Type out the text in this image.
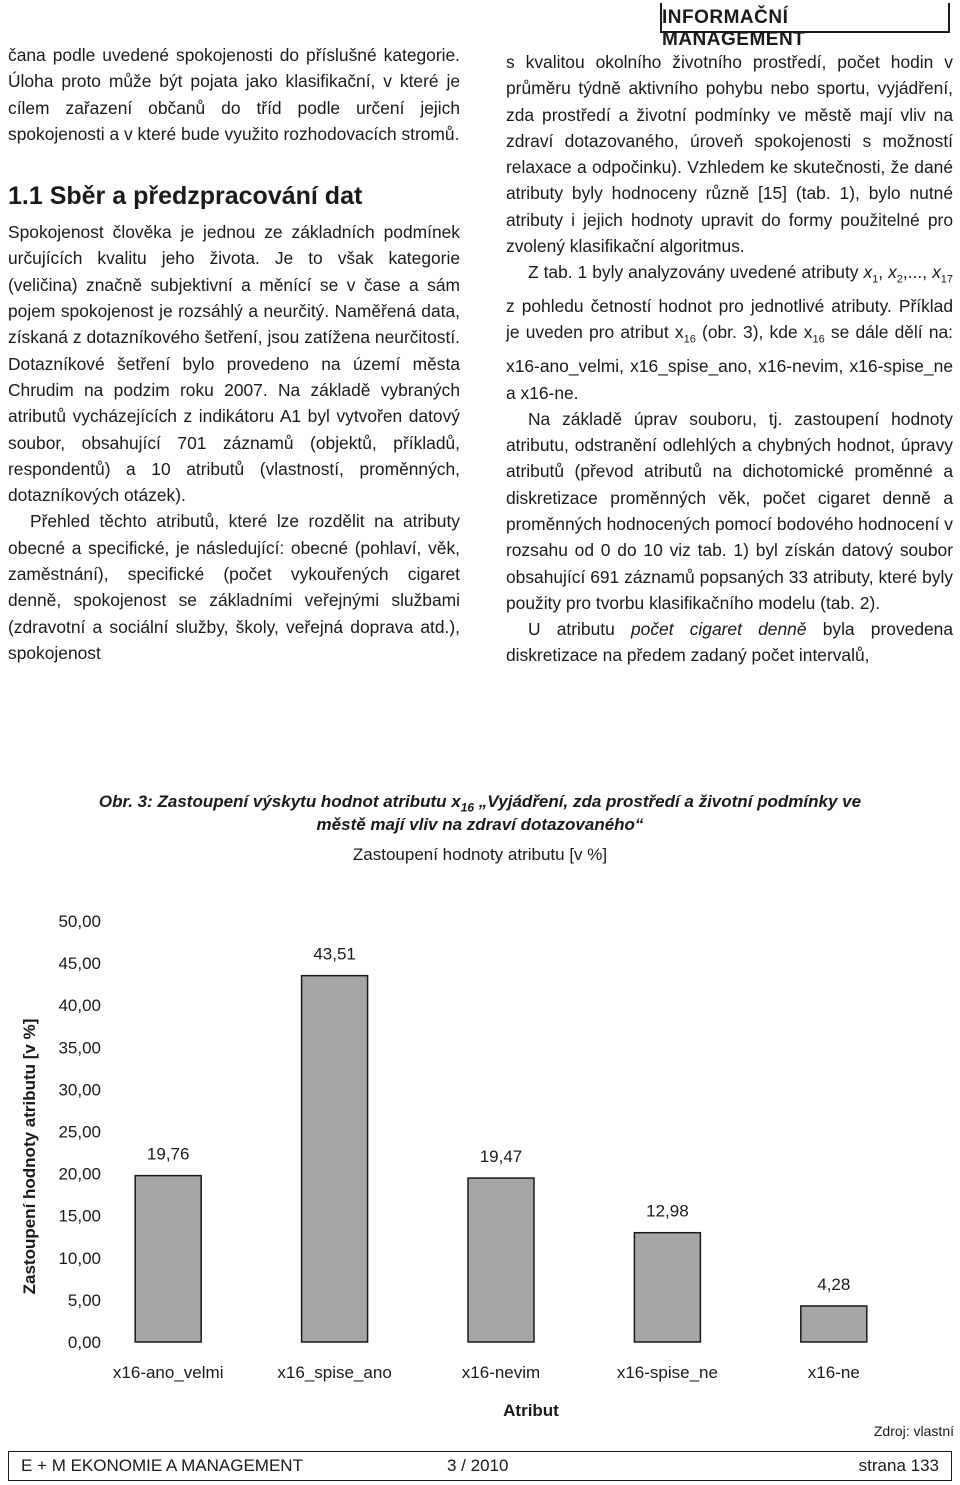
INFORMAČNÍ MANAGEMENT

čana podle uvedené spokojenosti do příslušné kategorie. Úloha proto může být pojata jako klasifikační, v které je cílem zařazení občanů do tříd podle určení jejich spokojenosti a v které bude využito rozhodovacích stromů.

1.1 Sběr a předzpracování dat

Spokojenost člověka je jednou ze základních podmínek určujících kvalitu jeho života. Je to však kategorie (veličina) značně subjektivní a měnící se v čase a sám pojem spokojenost je rozsáhlý a neurčitý. Naměřená data, získaná z dotazníkového šetření, jsou zatížena neurčitostí. Dotazníkové šetření bylo provedeno na území města Chrudim na podzim roku 2007. Na základě vybraných atributů vycházejících z indikátoru A1 byl vytvořen datový soubor, obsahující 701 záznamů (objektů, příkladů, respondentů) a 10 atributů (vlastností, proměnných, dotazníkových otázek).

Přehled těchto atributů, které lze rozdělit na atributy obecné a specifické, je následující: obecné (pohlaví, věk, zaměstnání), specifické (počet vykouřených cigaret denně, spokojenost se základními veřejnými službami (zdravotní a sociální služby, školy, veřejná doprava atd.), spokojenost

s kvalitou okolního životního prostředí, počet hodin v průměru týdně aktivního pohybu nebo sportu, vyjádření, zda prostředí a životní podmínky ve městě mají vliv na zdraví dotazovaného, úroveň spokojenosti s možností relaxace a odpočinku). Vzhledem ke skutečnosti, že dané atributy byly hodnoceny různě [15] (tab. 1), bylo nutné atributy i jejich hodnoty upravit do formy použitelné pro zvolený klasifikační algoritmus.

Z tab. 1 byly analyzovány uvedené atributy $x_1$, $x_2$,..., $x_{17}$ z pohledu četností hodnot pro jednotlivé atributy. Příklad je uveden pro atribut $x_{16}$ (obr. 3), kde $x_{16}$ se dále dělí na: x16-ano_velmi, x16_spise_ano, x16-nevim, x16-spise_ne a x16-ne.

Na základě úprav souboru, tj. zastoupení hodnoty atributu, odstranění odlehlých a chybných hodnot, úpravy atributů (převod atributů na dichotomické proměnné a diskretizace proměnných věk, počet cigaret denně a proměnných hodnocených pomocí bodového hodnocení v rozsahu od 0 do 10 viz tab. 1) byl získán datový soubor obsahující 691 záznamů popsaných 33 atributy, které byly použity pro tvorbu klasifikačního modelu (tab. 2).

U atributu počet cigaret denně byla provedena diskretizace na předem zadaný počet intervalů,

Obr. 3: Zastoupení výskytu hodnot atributu $x_{16}$ „Vyjádření, zda prostředí a životní podmínky ve
městě mají vliv na zdraví dotazovaného“
Zastoupení hodnoty atributu [v %]
0,00
5,00
10,00
15,00
20,00
25,00
30,00
35,00
40,00
45,00
50,00
19,76
x16-ano_velmi
43,51
x16_spise_ano
19,47
x16-nevim
12,98
x16-spise_ne
4,28
x16-ne
Atribut
Zastoupení hodnoty atributu [v %]
Zdroj: vlastní
E + M EKONOMIE A MANAGEMENT	3 / 2010	strana 133
